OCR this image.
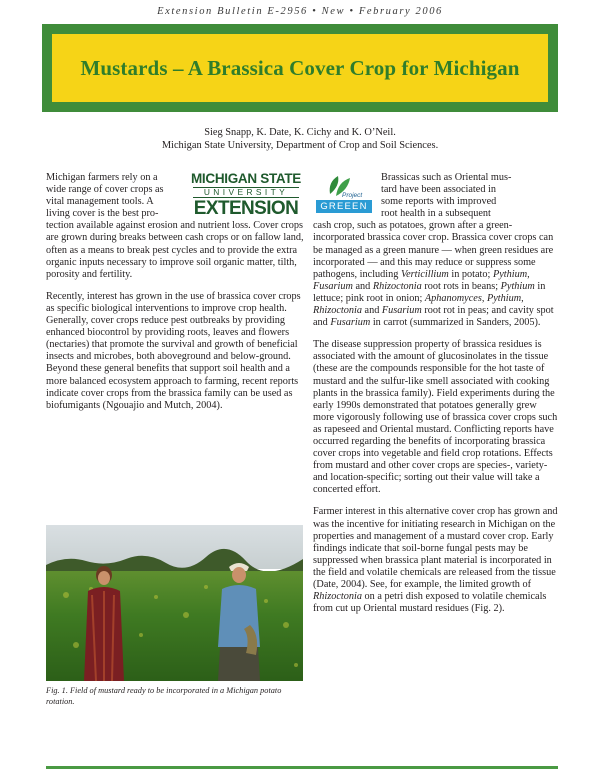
Extension Bulletin E-2956 • New • February 2006
Mustards – A Brassica Cover Crop for Michigan
Sieg Snapp, K. Date, K. Cichy and K. O’Neil.
Michigan State University, Department of Crop and Soil Sciences.
MICHIGAN STATE
UNIVERSITY
EXTENSION
Michigan farmers rely on a
wide range of cover crops as
vital management tools. A
living cover is the best pro-
tection available against erosion and nutrient loss. Cover crops are grown during breaks between cash crops or on fallow land, often as a means to break pest cycles and to provide the extra organic inputs necessary to improve soil organic matter, tilth, porosity and fertility.
Recently, interest has grown in the use of brassica cover crops as specific biological interventions to improve crop health. Generally, cover crops reduce pest outbreaks by providing enhanced biocontrol by providing roots, leaves and flowers (nectaries) that promote the survival and growth of beneficial insects and microbes, both aboveground and below-ground. Beyond these general benefits that support soil health and a more balanced ecosystem approach to farming, recent reports indicate cover crops from the brassica family can be used as biofumigants (Ngouajio and Mutch, 2004).
Fig. 1. Field of mustard ready to be incorporated in a Michigan potato rotation.
Project
GREEEN
Brassicas such as Oriental mus-
tard have been associated in
some reports with improved
root health in a subsequent
cash crop, such as potatoes, grown after a green-incorporated brassica cover crop. Brassica cover crops can be managed as a green manure — when green residues are incorporated — and this may reduce or suppress some pathogens, including Verticillium in potato; Pythium, Fusarium and Rhizoctonia root rots in beans; Pythium in lettuce; pink root in onion; Aphanomyces, Pythium, Rhizoctonia and Fusarium root rot in peas; and cavity spot and Fusarium in carrot (summarized in Sanders, 2005).
The disease suppression property of brassica residues is associated with the amount of glucosinolates in the tissue (these are the compounds responsible for the hot taste of mustard and the sulfur-like smell associated with cooking plants in the brassica family). Field experiments during the early 1990s demonstrated that potatoes generally grew more vigorously following use of brassica cover crops such as rapeseed and Oriental mustard. Conflicting reports have occurred regarding the benefits of incorporating brassica cover crops into vegetable and field crop rotations. Effects from mustard and other cover crops are species-, variety- and location-specific; sorting out their value will take a concerted effort.
Farmer interest in this alternative cover crop has grown and was the incentive for initiating research in Michigan on the properties and management of a mustard cover crop. Early findings indicate that soil-borne fungal pests may be suppressed when brassica plant material is incorporated in the field and volatile chemicals are released from the tissue (Date, 2004). See, for example, the limited growth of Rhizoctonia on a petri dish exposed to volatile chemicals from cut up Oriental mustard residues (Fig. 2).
